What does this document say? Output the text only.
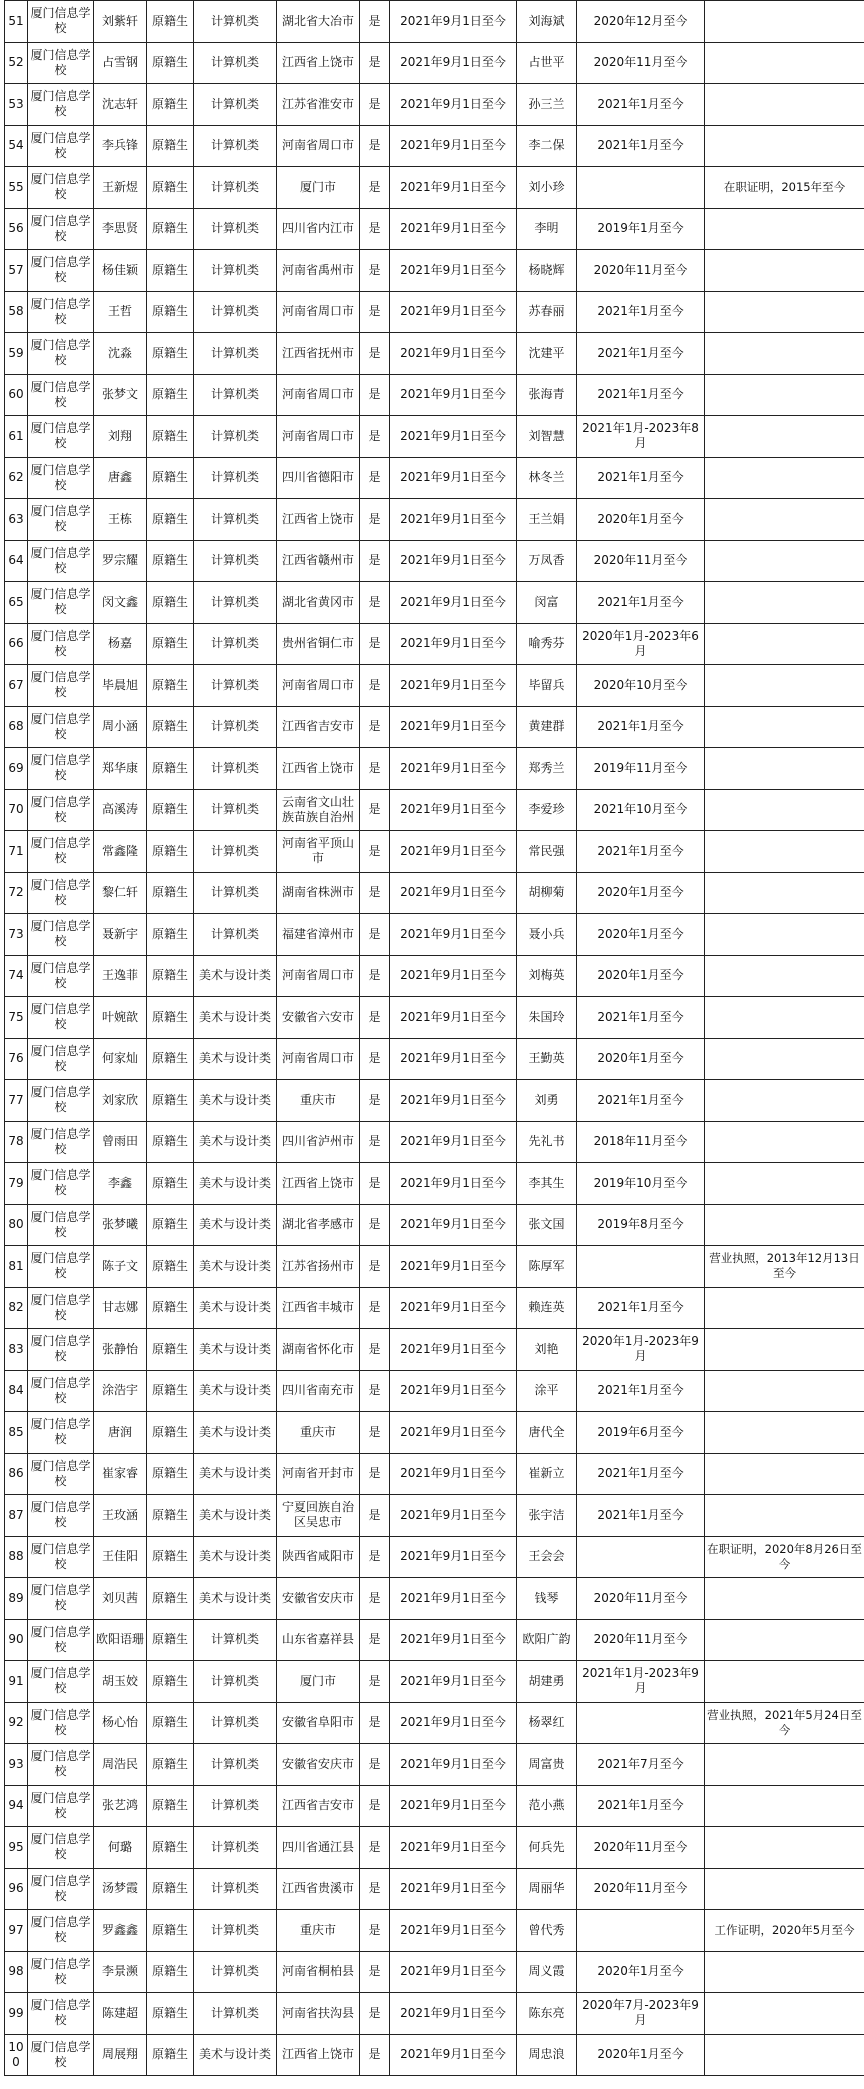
51	厦门信息学校	刘紫轩	原籍生	计算机类	湖北省大冶市	是	2021年9月1日至今	刘海斌	2020年12月至今	
52	厦门信息学校	占雪钢	原籍生	计算机类	江西省上饶市	是	2021年9月1日至今	占世平	2020年11月至今	
53	厦门信息学校	沈志轩	原籍生	计算机类	江苏省淮安市	是	2021年9月1日至今	孙三兰	2021年1月至今	
54	厦门信息学校	李兵锋	原籍生	计算机类	河南省周口市	是	2021年9月1日至今	李二保	2021年1月至今	
55	厦门信息学校	王新煜	原籍生	计算机类	厦门市	是	2021年9月1日至今	刘小珍		在职证明，2015年至今
56	厦门信息学校	李思贤	原籍生	计算机类	四川省内江市	是	2021年9月1日至今	李明	2019年1月至今	
57	厦门信息学校	杨佳颖	原籍生	计算机类	河南省禹州市	是	2021年9月1日至今	杨晓辉	2020年11月至今	
58	厦门信息学校	王哲	原籍生	计算机类	河南省周口市	是	2021年9月1日至今	苏春丽	2021年1月至今	
59	厦门信息学校	沈淼	原籍生	计算机类	江西省抚州市	是	2021年9月1日至今	沈建平	2021年1月至今	
60	厦门信息学校	张梦文	原籍生	计算机类	河南省周口市	是	2021年9月1日至今	张海青	2021年1月至今	
61	厦门信息学校	刘翔	原籍生	计算机类	河南省周口市	是	2021年9月1日至今	刘智慧	2021年1月-2023年8月	
62	厦门信息学校	唐鑫	原籍生	计算机类	四川省德阳市	是	2021年9月1日至今	林冬兰	2021年1月至今	
63	厦门信息学校	王栋	原籍生	计算机类	江西省上饶市	是	2021年9月1日至今	王兰娟	2020年1月至今	
64	厦门信息学校	罗宗耀	原籍生	计算机类	江西省赣州市	是	2021年9月1日至今	万凤香	2020年11月至今	
65	厦门信息学校	闵文鑫	原籍生	计算机类	湖北省黄冈市	是	2021年9月1日至今	闵富	2021年1月至今	
66	厦门信息学校	杨嘉	原籍生	计算机类	贵州省铜仁市	是	2021年9月1日至今	喻秀芬	2020年1月-2023年6月	
67	厦门信息学校	毕晨旭	原籍生	计算机类	河南省周口市	是	2021年9月1日至今	毕留兵	2020年10月至今	
68	厦门信息学校	周小涵	原籍生	计算机类	江西省吉安市	是	2021年9月1日至今	黄建群	2021年1月至今	
69	厦门信息学校	郑华康	原籍生	计算机类	江西省上饶市	是	2021年9月1日至今	郑秀兰	2019年11月至今	
70	厦门信息学校	高溪涛	原籍生	计算机类	云南省文山壮族苗族自治州	是	2021年9月1日至今	李爱珍	2021年10月至今	
71	厦门信息学校	常鑫隆	原籍生	计算机类	河南省平顶山市	是	2021年9月1日至今	常民强	2021年1月至今	
72	厦门信息学校	黎仁轩	原籍生	计算机类	湖南省株洲市	是	2021年9月1日至今	胡柳菊	2020年1月至今	
73	厦门信息学校	聂新宇	原籍生	计算机类	福建省漳州市	是	2021年9月1日至今	聂小兵	2020年1月至今	
74	厦门信息学校	王逸菲	原籍生	美术与设计类	河南省周口市	是	2021年9月1日至今	刘梅英	2020年1月至今	
75	厦门信息学校	叶婉歆	原籍生	美术与设计类	安徽省六安市	是	2021年9月1日至今	朱国玲	2021年1月至今	
76	厦门信息学校	何家灿	原籍生	美术与设计类	河南省周口市	是	2021年9月1日至今	王勤英	2020年1月至今	
77	厦门信息学校	刘家欣	原籍生	美术与设计类	重庆市	是	2021年9月1日至今	刘勇	2021年1月至今	
78	厦门信息学校	曾雨田	原籍生	美术与设计类	四川省泸州市	是	2021年9月1日至今	先礼书	2018年11月至今	
79	厦门信息学校	李鑫	原籍生	美术与设计类	江西省上饶市	是	2021年9月1日至今	李其生	2019年10月至今	
80	厦门信息学校	张梦曦	原籍生	美术与设计类	湖北省孝感市	是	2021年9月1日至今	张文国	2019年8月至今	
81	厦门信息学校	陈子文	原籍生	美术与设计类	江苏省扬州市	是	2021年9月1日至今	陈厚军		营业执照，2013年12月13日至今
82	厦门信息学校	甘志娜	原籍生	美术与设计类	江西省丰城市	是	2021年9月1日至今	赖连英	2021年1月至今	
83	厦门信息学校	张静怡	原籍生	美术与设计类	湖南省怀化市	是	2021年9月1日至今	刘艳	2020年1月-2023年9月	
84	厦门信息学校	涂浩宇	原籍生	美术与设计类	四川省南充市	是	2021年9月1日至今	涂平	2021年1月至今	
85	厦门信息学校	唐润	原籍生	美术与设计类	重庆市	是	2021年9月1日至今	唐代全	2019年6月至今	
86	厦门信息学校	崔家睿	原籍生	美术与设计类	河南省开封市	是	2021年9月1日至今	崔新立	2021年1月至今	
87	厦门信息学校	王玫涵	原籍生	美术与设计类	宁夏回族自治区吴忠市	是	2021年9月1日至今	张宇洁	2021年1月至今	
88	厦门信息学校	王佳阳	原籍生	美术与设计类	陕西省咸阳市	是	2021年9月1日至今	王会会		在职证明，2020年8月26日至今
89	厦门信息学校	刘贝茜	原籍生	美术与设计类	安徽省安庆市	是	2021年9月1日至今	钱琴	2020年11月至今	
90	厦门信息学校	欧阳语珊	原籍生	计算机类	山东省嘉祥县	是	2021年9月1日至今	欧阳广韵	2020年11月至今	
91	厦门信息学校	胡玉姣	原籍生	计算机类	厦门市	是	2021年9月1日至今	胡建勇	2021年1月-2023年9月	
92	厦门信息学校	杨心怡	原籍生	计算机类	安徽省阜阳市	是	2021年9月1日至今	杨翠红		营业执照，2021年5月24日至今
93	厦门信息学校	周浩民	原籍生	计算机类	安徽省安庆市	是	2021年9月1日至今	周富贵	2021年7月至今	
94	厦门信息学校	张艺鸿	原籍生	计算机类	江西省吉安市	是	2021年9月1日至今	范小燕	2021年1月至今	
95	厦门信息学校	何璐	原籍生	计算机类	四川省通江县	是	2021年9月1日至今	何兵先	2020年11月至今	
96	厦门信息学校	汤梦霞	原籍生	计算机类	江西省贵溪市	是	2021年9月1日至今	周丽华	2020年11月至今	
97	厦门信息学校	罗鑫鑫	原籍生	计算机类	重庆市	是	2021年9月1日至今	曾代秀		工作证明，2020年5月至今
98	厦门信息学校	李景濒	原籍生	计算机类	河南省桐柏县	是	2021年9月1日至今	周义霞	2020年1月至今	
99	厦门信息学校	陈建超	原籍生	计算机类	河南省扶沟县	是	2021年9月1日至今	陈东亮	2020年7月-2023年9月	
100	厦门信息学校	周展翔	原籍生	美术与设计类	江西省上饶市	是	2021年9月1日至今	周忠浪	2020年1月至今	
